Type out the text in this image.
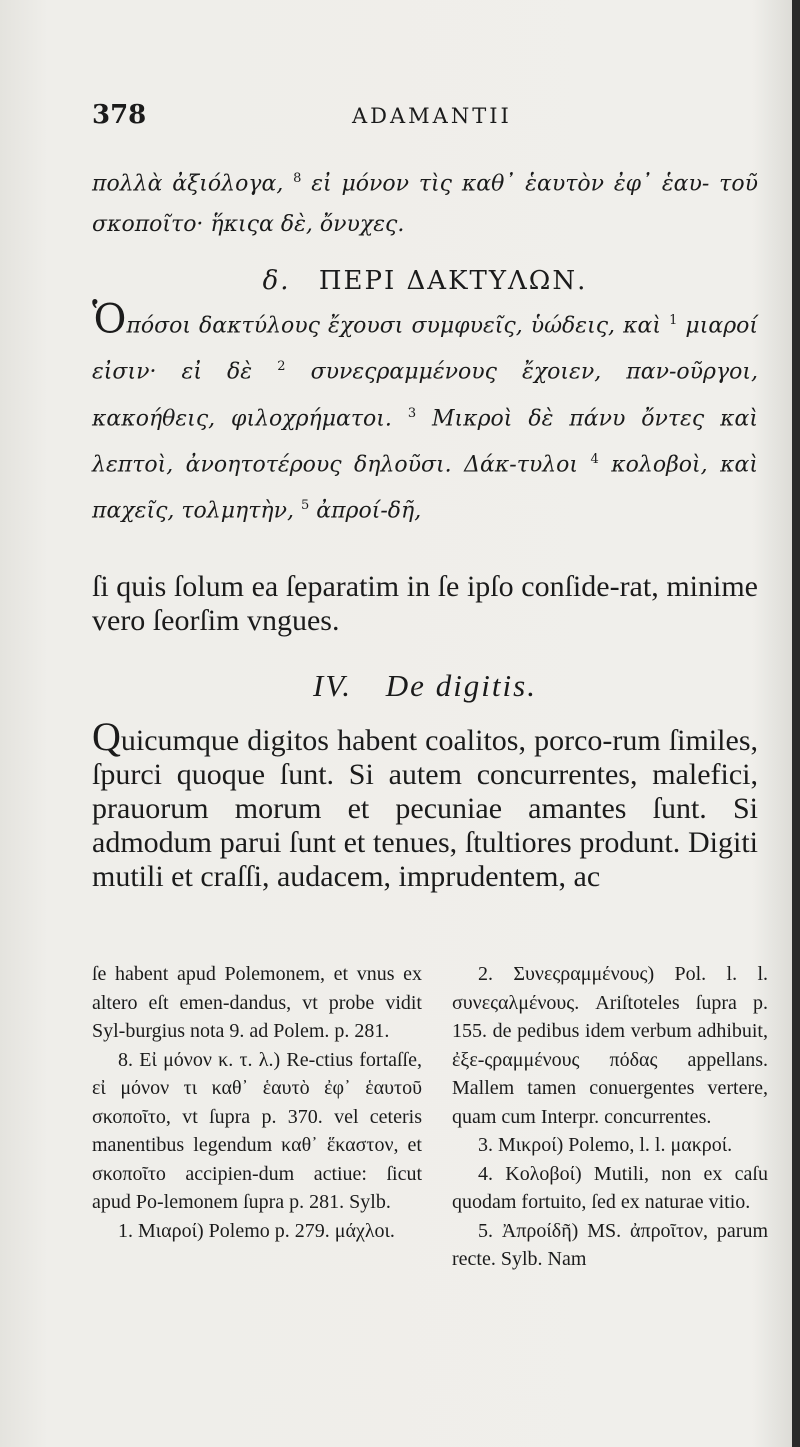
378	ADAMANTII
πολλὰ ἀξιόλογα, $^8$ εἰ μόνον τὶς καθ᾽ ἑαυτὸν ἐφ᾽ ἑαυ- τοῦ σκοποῖτο· ἥκιςα δὲ, ὄνυχες.
δ. ΠΕΡΙ ΔΑΚΤΥΛΩΝ.
Ὁπόσοι δακτύλους ἔχουσι συμφυεῖς, ὑώδεις, καὶ $^1$ μιαροί εἰσιν· εἰ δὲ $^2$ συνεςραμμένους ἔχοιεν, παν-οῦργοι, κακοήθεις, φιλοχρήματοι. $^3$ Μικροὶ δὲ πάνυ ὄντες καὶ λεπτοὶ, ἀνοητοτέρους δηλοῦσι. Δάκ-τυλοι $^4$ κολοβοὶ, καὶ παχεῖς, τολμητὴν, $^5$ ἀπροί-δῆ,
ſi quis ſolum ea ſeparatim in ſe ipſo conſide-rat, minime vero ſeorſim vngues.
IV. De digitis.
Quicumque digitos habent coalitos, porco-rum ſimiles, ſpurci quoque ſunt. Si autem concurrentes, malefici, prauorum morum et pecuniae amantes ſunt. Si admodum parui ſunt et tenues, ſtultiores produnt. Digiti mutili et craſſi, audacem, imprudentem, ac

ſe habent apud Polemonem, et vnus ex altero eſt emen-dandus, vt probe vidit Syl-burgius nota 9. ad Polem. p. 281.

8. Εἰ μόνον κ. τ. λ.) Re-ctius fortaſſe, εἰ μόνον τι καθ᾽ ἑαυτὸ ἐφ᾽ ἑαυτοῦ σκοποῖτο, vt ſupra p. 370. vel ceteris manentibus legendum καθ᾽ ἕκαστον, et σκοποῖτο accipien-dum actiue: ſicut apud Po-lemonem ſupra p. 281. Sylb.

1. Μιαροί) Polemo p. 279. μάχλοι.

2. Συνεςραμμένους) Pol. l. l. συνεςαλμένους. Ariſtoteles ſupra p. 155. de pedibus idem verbum adhibuit, ἐξε-ςραμμένους πόδας appellans. Mallem tamen conuergentes vertere, quam cum Interpr. concurrentes.

3. Μικροί) Polemo, l. l. μακροί.

4. Κολοβοί) Mutili, non ex caſu quodam fortuito, ſed ex naturae vitio.

5. Ἀπροίδῆ) MS. ἀπροῖτον, parum recte. Sylb. Nam
